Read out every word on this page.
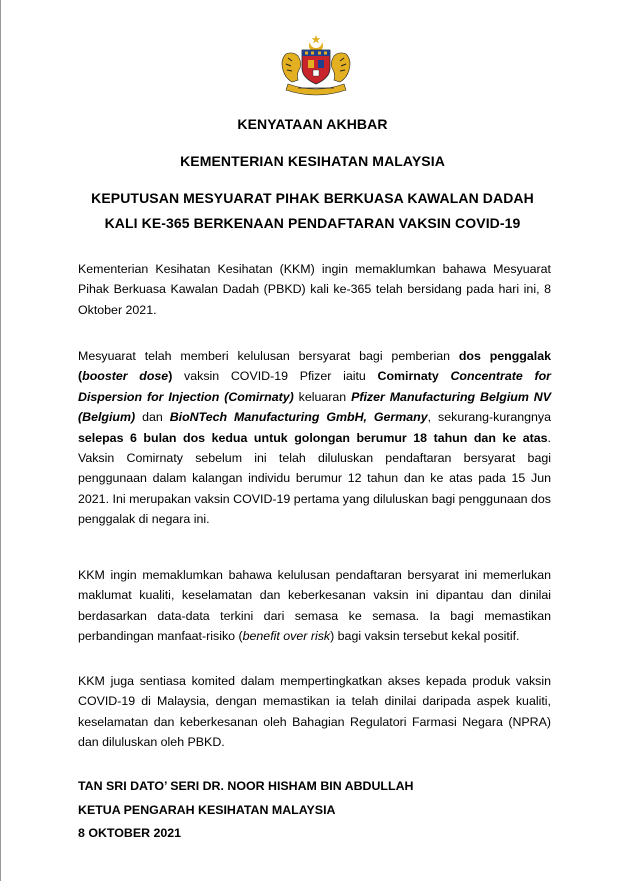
KENYATAAN AKHBAR
KEMENTERIAN KESIHATAN MALAYSIA
KEPUTUSAN MESYUARAT PIHAK BERKUASA KAWALAN DADAH
KALI KE-365 BERKENAAN PENDAFTARAN VAKSIN COVID-19

Kementerian Kesihatan Kesihatan (KKM) ingin memaklumkan bahawa Mesyuarat Pihak Berkuasa Kawalan Dadah (PBKD) kali ke-365 telah bersidang pada hari ini, 8 Oktober 2021.

Mesyuarat telah memberi kelulusan bersyarat bagi pemberian dos penggalak (booster dose) vaksin COVID-19 Pfizer iaitu Comirnaty Concentrate for Dispersion for Injection (Comirnaty) keluaran Pfizer Manufacturing Belgium NV (Belgium) dan BioNTech Manufacturing GmbH, Germany, sekurang-kurangnya selepas 6 bulan dos kedua untuk golongan berumur 18 tahun dan ke atas. Vaksin Comirnaty sebelum ini telah diluluskan pendaftaran bersyarat bagi penggunaan dalam kalangan individu berumur 12 tahun dan ke atas pada 15 Jun 2021. Ini merupakan vaksin COVID-19 pertama yang diluluskan bagi penggunaan dos penggalak di negara ini.

KKM ingin memaklumkan bahawa kelulusan pendaftaran bersyarat ini memerlukan maklumat kualiti, keselamatan dan keberkesanan vaksin ini dipantau dan dinilai berdasarkan data-data terkini dari semasa ke semasa. Ia bagi memastikan perbandingan manfaat-risiko (benefit over risk) bagi vaksin tersebut kekal positif.

KKM juga sentiasa komited dalam mempertingkatkan akses kepada produk vaksin COVID-19 di Malaysia, dengan memastikan ia telah dinilai daripada aspek kualiti, keselamatan dan keberkesanan oleh Bahagian Regulatori Farmasi Negara (NPRA) dan diluluskan oleh PBKD.

TAN SRI DATO’ SERI DR. NOOR HISHAM BIN ABDULLAH
KETUA PENGARAH KESIHATAN MALAYSIA
8 OKTOBER 2021
